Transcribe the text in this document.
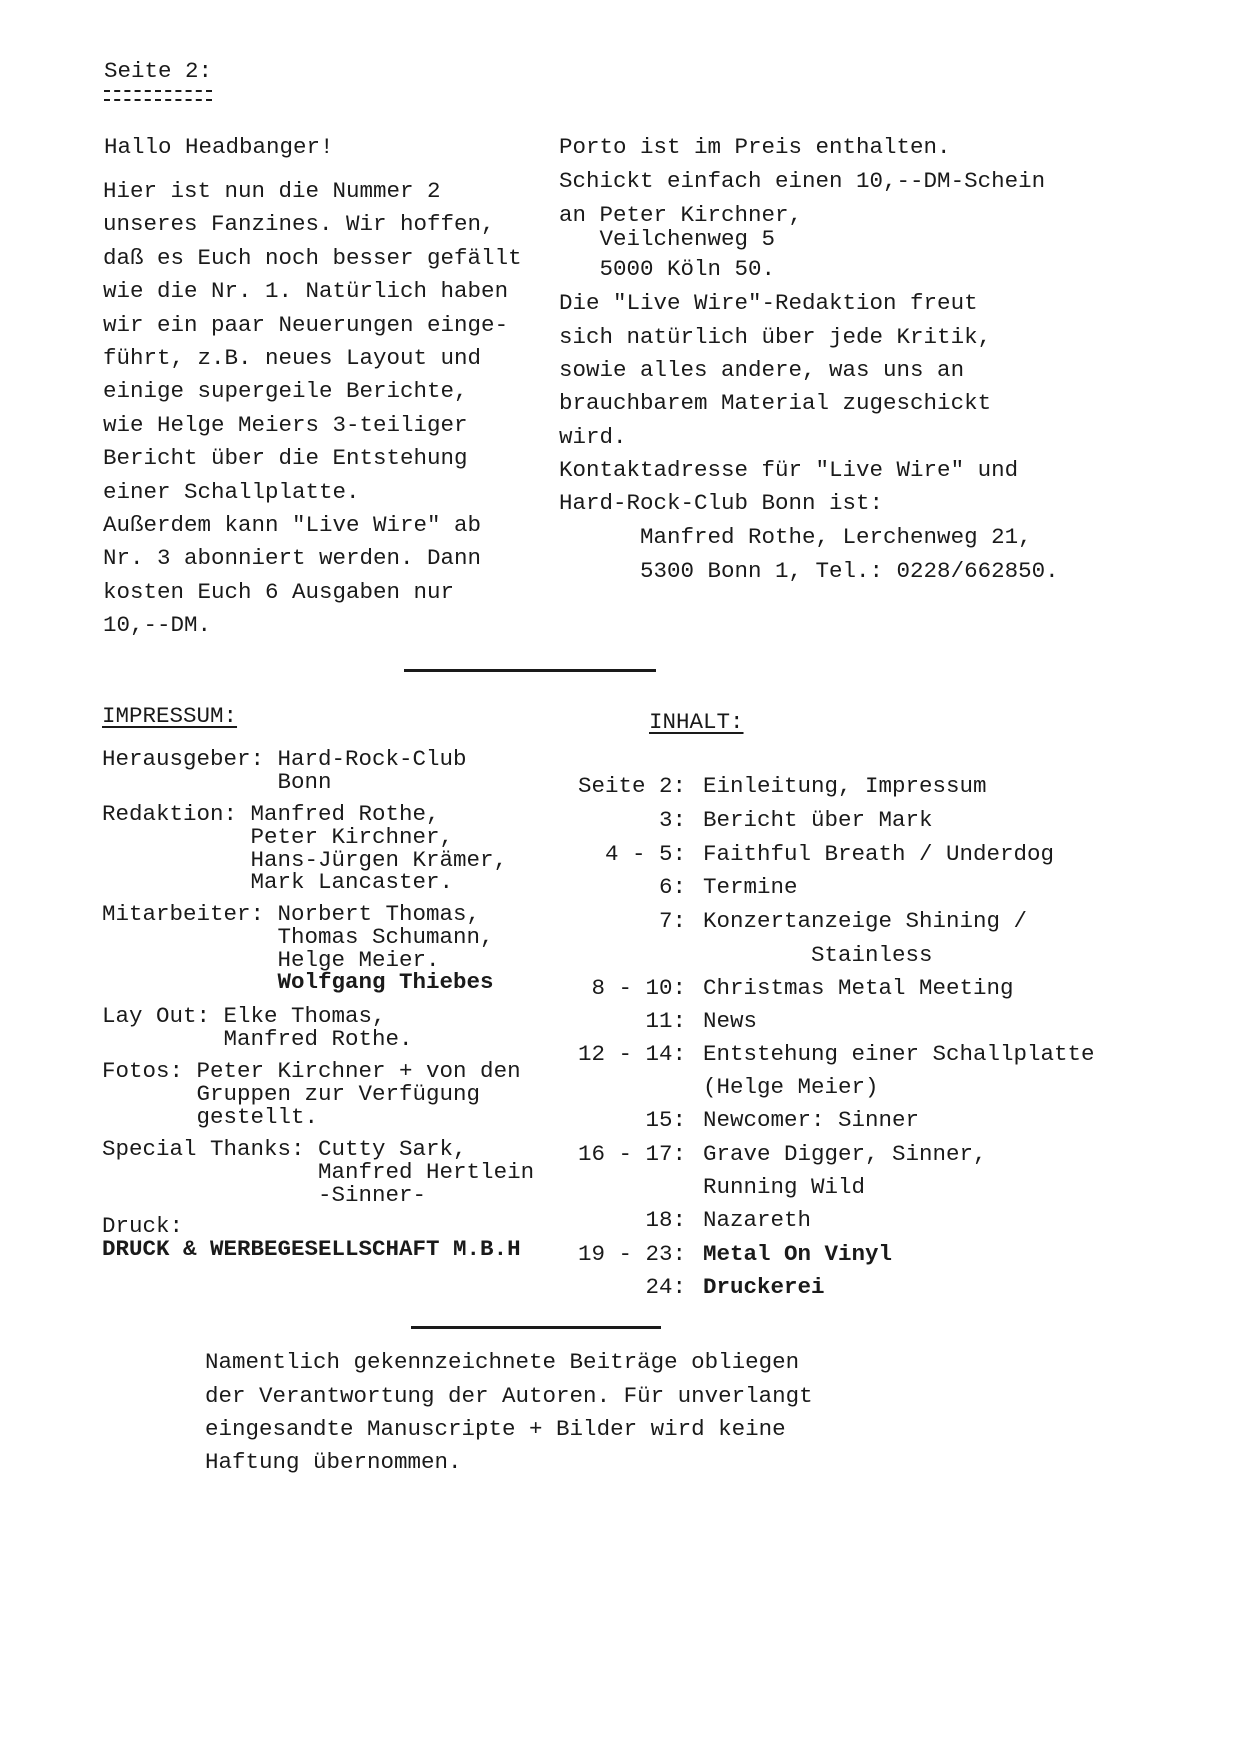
Seite 2:
Hallo Headbanger!
Hier ist nun die Nummer 2
unseres Fanzines. Wir hoffen,
daß es Euch noch besser gefällt
wie die Nr. 1. Natürlich haben
wir ein paar Neuerungen einge-
führt, z.B. neues Layout und
einige supergeile Berichte,
wie Helge Meiers 3-teiliger
Bericht über die Entstehung
einer Schallplatte.
Außerdem kann "Live Wire" ab
Nr. 3 abonniert werden. Dann
kosten Euch 6 Ausgaben nur
10,--DM.
Porto ist im Preis enthalten.
Schickt einfach einen 10,--DM-Schein
an Peter Kirchner,
Veilchenweg 5
5000 Köln 50.
Die "Live Wire"-Redaktion freut
sich natürlich über jede Kritik,
sowie alles andere, was uns an
brauchbarem Material zugeschickt
wird.
Kontaktadresse für "Live Wire" und
Hard-Rock-Club Bonn ist:
Manfred Rothe, Lerchenweg 21,
5300 Bonn 1, Tel.: 0228/662850.
IMPRESSUM:
Herausgeber: Hard-Rock-Club
Bonn
Redaktion: Manfred Rothe,
Peter Kirchner,
Hans-Jürgen Krämer,
Mark Lancaster.
Mitarbeiter: Norbert Thomas,
Thomas Schumann,
Helge Meier.
Wolfgang Thiebes
Lay Out: Elke Thomas,
Manfred Rothe.
Fotos: Peter Kirchner + von den
Gruppen zur Verfügung
gestellt.
Special Thanks: Cutty Sark,
Manfred Hertlein
-Sinner-
Druck:
DRUCK & WERBEGESELLSCHAFT M.B.H
INHALT:
Seite 2: Einleitung, Impressum
3: Bericht über Mark
4 - 5: Faithful Breath / Underdog
6: Termine
7: Konzertanzeige Shining /
Stainless
8 - 10: Christmas Metal Meeting
11: News
12 - 14: Entstehung einer Schallplatte
(Helge Meier)
15: Newcomer: Sinner
16 - 17: Grave Digger, Sinner,
Running Wild
18: Nazareth
19 - 23: Metal On Vinyl
24: Druckerei
Namentlich gekennzeichnete Beiträge obliegen
der Verantwortung der Autoren. Für unverlangt
eingesandte Manuscripte + Bilder wird keine
Haftung übernommen.
